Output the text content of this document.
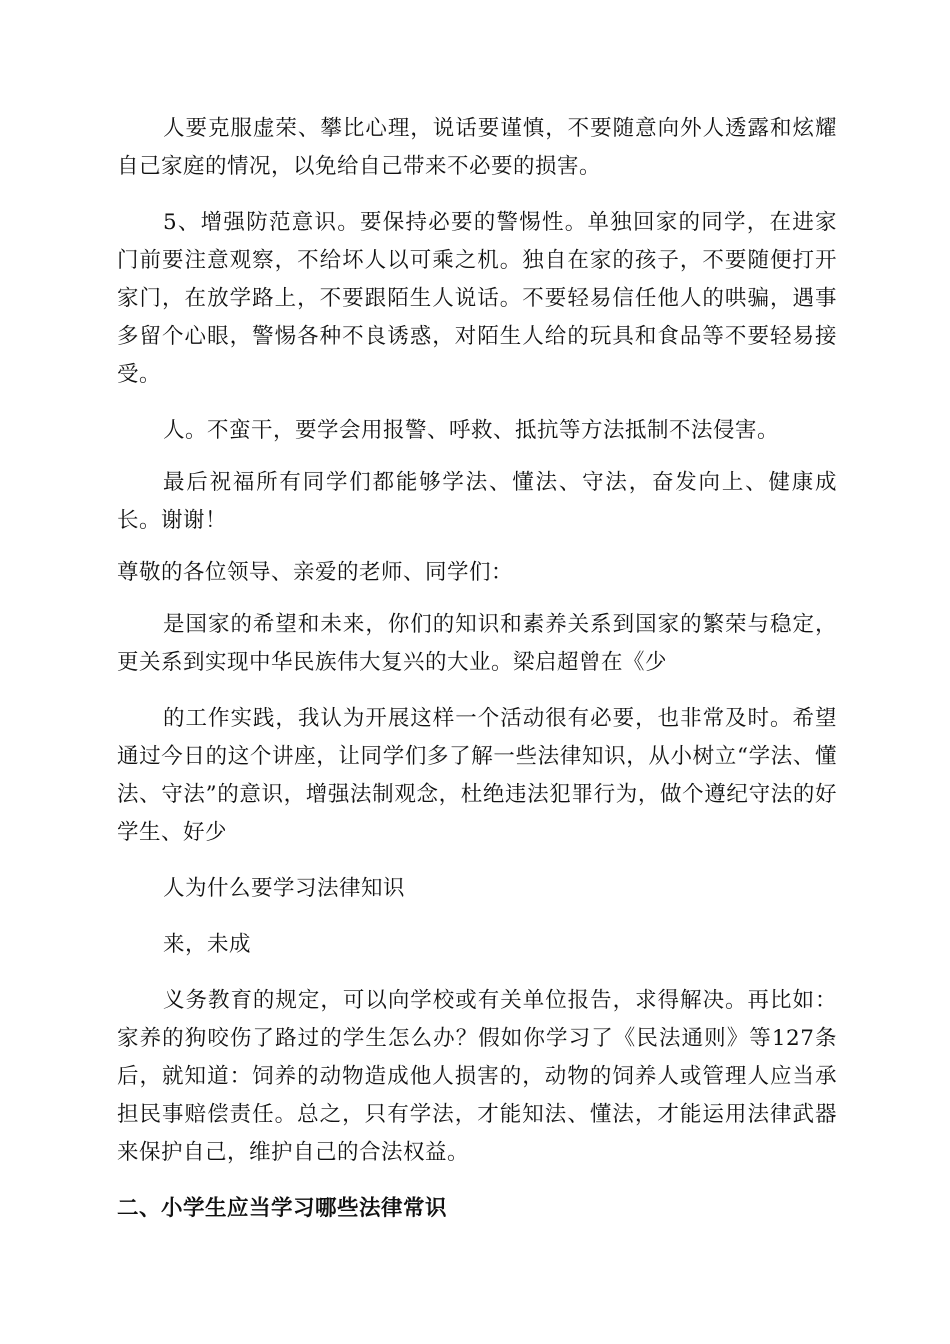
人要克服虚荣、攀比心理，说话要谨慎，不要随意向外人透露和炫耀自己家庭的情况，以免给自己带来不必要的损害。

5、增强防范意识。要保持必要的警惕性。单独回家的同学，在进家门前要注意观察，不给坏人以可乘之机。独自在家的孩子，不要随便打开家门，在放学路上，不要跟陌生人说话。不要轻易信任他人的哄骗，遇事多留个心眼，警惕各种不良诱惑，对陌生人给的玩具和食品等不要轻易接受。

人。不蛮干，要学会用报警、呼救、抵抗等方法抵制不法侵害。

最后祝福所有同学们都能够学法、懂法、守法，奋发向上、健康成长。谢谢！

尊敬的各位领导、亲爱的老师、同学们：

是国家的希望和未来，你们的知识和素养关系到国家的繁荣与稳定，更关系到实现中华民族伟大复兴的大业。梁启超曾在《少

的工作实践，我认为开展这样一个活动很有必要，也非常及时。希望通过今日的这个讲座，让同学们多了解一些法律知识，从小树立“学法、懂法、守法”的意识，增强法制观念，杜绝违法犯罪行为，做个遵纪守法的好学生、好少

人为什么要学习法律知识

来，未成

义务教育的规定，可以向学校或有关单位报告，求得解决。再比如：家养的狗咬伤了路过的学生怎么办？假如你学习了《民法通则》等127条后，就知道：饲养的动物造成他人损害的，动物的饲养人或管理人应当承担民事赔偿责任。总之，只有学法，才能知法、懂法，才能运用法律武器来保护自己，维护自己的合法权益。

二、小学生应当学习哪些法律常识
